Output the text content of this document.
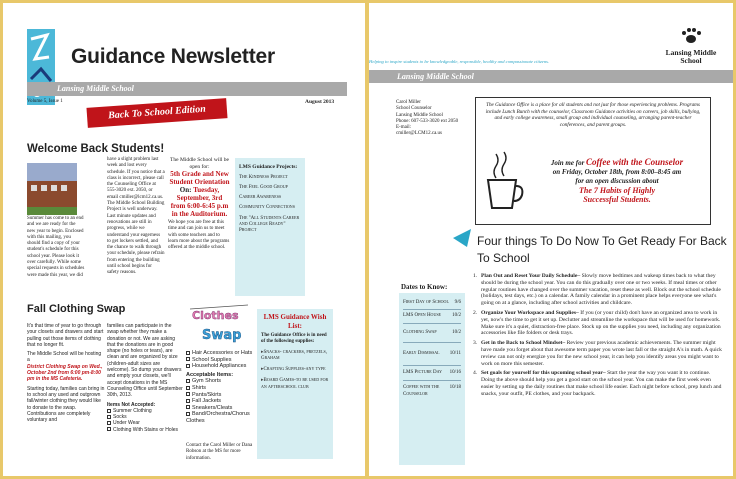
Guidance Newsletter
Lansing Middle School
Volume 5, Issue 1	August 2013
Back To School Edition
Welcome Back Students!
Summer has come to an end and we are ready for the new year to begin. Enclosed with this mailing, you should find a copy of your student's schedule for this school year. Please look it over carefully. While some special requests in schedules were made this year, we did
have a slight problem last week and lost every schedule. If you notice that a class is incorrect, please call the Counseling Office at 555-3020 ext. 2050, or email cmiller@lcm12.ca.us. The Middle School Building Project is well underway. Last minute updates and renovations are still in progress, while we understand your eagerness to get lockers settled, and the chance to walk through your schedule, please refrain from entering the building until school begins for safety reasons.
The Middle School will be open for:
5th Grade and New Student Orientation
On: Tuesday, September, 3rd
from 6:00-6:45 p.m
in the Auditorium.
We hope you are free at this time and can join us to meet with some teachers and to learn more about the programs offered at the middle school.
LMS Guidance Projects:
The Kindness Project
The Feel Good Group
Career Awareness
Community Connections
The "All Students Career and College Ready" Project
Fall Clothing Swap
It's that time of year to go through your closets and drawers and start pulling out those items of clothing that no longer fit.
The Middle School will be hosting a
District Clothing Swap on Wed., October 2nd from 6:00 pm-8:00 pm in the MS Cafeteria.
Starting today, families can bring in to school any used and outgrown fall/winter clothing they would like to donate to the swap. Contributions are completely voluntary and
families can participate in the swap whether they make a donation or not. We are asking that the donations are in good shape (no holes or tears), are clean and are organized by size (children-adult sizes are welcome). So dump your drawers and empty your closets, we'll accept donations in the MS Counseling Office until September 30th, 2013.
Items Not Accepted:
Summer Clothing
Socks
Under Wear
Clothing With Stains or Holes
Clothes
Swap
Hair Accessories or Hats
School Supplies
Household Appliances
Acceptable Items:
Gym Shorts
Shirts
Pants/Skirts
Fall Jackets
Sneakers/Cleats
Band/Orchestra/Chorus Clothes
Contact the Carol Miller or Dana Robson at the MS for more information.
LMS Guidance Wish List:
The Guidance Office is in need of the following supplies:
▸ Snacks- crackers, pretzels, Graham
▸ Crafting Supplies-any type
▸ Board Games-to be used for an afterschool club
Helping to inspire students to be knowledgeable, responsible, healthy and compassionate citizens.
Lansing Middle School
Lansing Middle School
Carol Miller
School Counselor
Lansing Middle School
Phone: 607-533-3020 ext 2050
E-mail:
cmiller@LCM12.ca.us
The Guidance Office is a place for all students and not just for those experiencing problems. Programs include Lunch Bunch with the counselor, Classroom Guidance activities on careers, job skills, bullying, and early college awareness, small group and individual counseling, arranging parent-teacher conferences, and parent groups.
Join me for Coffee with the Counselor
on Friday, October 18th, from 8:00–8:45 am
for an open discussion about
The 7 Habits of Highly Successful Students.
Four things To Do Now To Get Ready For Back To School
Dates to Know:
First Day of School 9/6
LMS Open House	10/2
Clothing Swap	10/2
Early Dismissal	10/11
LMS Picture Day	10/16
Coffee with the Counselor
10/18
1. Plan Out and Reset Your Daily Schedule– Slowly move bedtimes and wakeup times back to what they should be during the school year. You can do this gradually over one or two weeks. If meal times or other regular routines have changed over the summer vacation, reset these as well. Block out the school schedule (holidays, test days, etc.) on a calendar. A family calendar in a prominent place helps everyone see what's going on at a glance, including after school activities and childcare.
2. Organize Your Workspace and Supplies– If you (or your child) don't have an organized area to work in yet, now's the time to get it set up. Declutter and streamline the workspace that will be used for homework. Make sure it's a quiet, distraction-free place. Stock up on the supplies you need, including any organization accessories like file folders or desk trays.
3. Get in the Back to School Mindset– Review your previous academic achievements. The summer might have made you forget about that awesome term paper you wrote last fall or the straight A's in math. A quick review can not only energize you for the new school year, it can help you identify areas you might want to work on more this semester.
4. Set goals for yourself for this upcoming school year– Start the year the way you want it to continue. Doing the above should help you get a good start on the school year. You can make the first week even easier by setting up the daily routines that make school life easier. Each night before school, prep lunch and snacks, your outfit, PE clothes, and your backpack.
